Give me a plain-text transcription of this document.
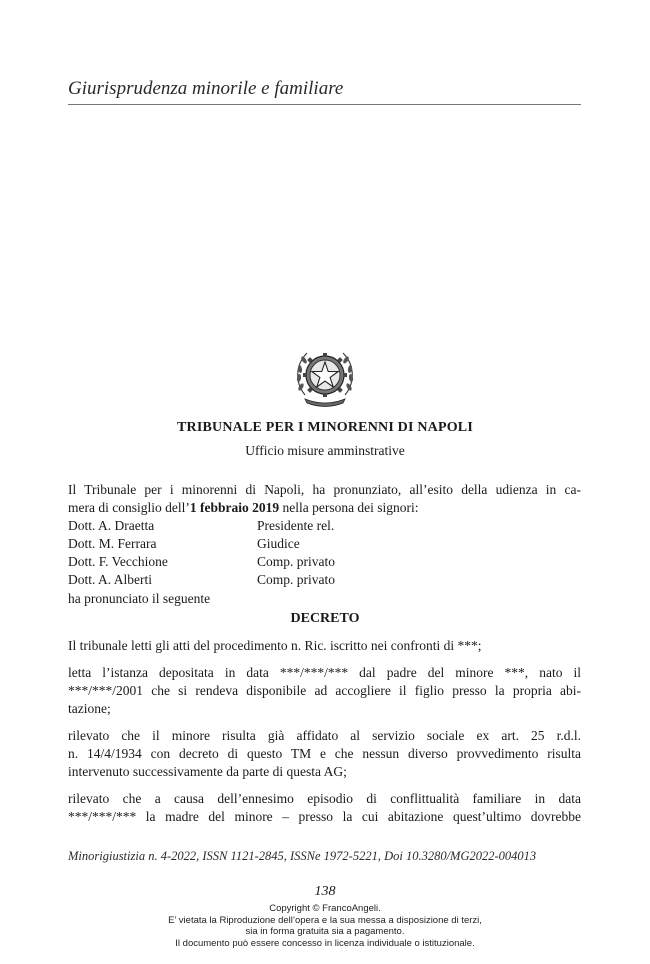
Giurisprudenza minorile e familiare
TRIBUNALE PER I MINORENNI DI NAPOLI
Ufficio misure amminstrative
Il Tribunale per i minorenni di Napoli, ha pronunziato, all’esito della udienza in ca-
mera di consiglio dell’1 febbraio 2019 nella persona dei signori:
Dott. A. Draetta	Presidente rel.
Dott. M. Ferrara	Giudice
Dott. F. Vecchione	Comp. privato
Dott. A. Alberti	Comp. privato
ha pronunciato il seguente
DECRETO
Il tribunale letti gli atti del procedimento n. Ric. iscritto nei confronti di ***;
letta l’istanza depositata in data ***/***/*** dal padre del minore ***, nato il
***/***/2001 che si rendeva disponibile ad accogliere il figlio presso la propria abi-
tazione;
rilevato che il minore risulta già affidato al servizio sociale ex art. 25 r.d.l.
n. 14/4/1934 con decreto di questo TM e che nessun diverso provvedimento risulta
intervenuto successivamente da parte di questa AG;
rilevato che a causa dell’ennesimo episodio di conflittualità familiare in data
***/***/*** la madre del minore – presso la cui abitazione quest’ultimo dovrebbe
Minorigiustizia n. 4-2022, ISSN 1121-2845, ISSNe 1972-5221, Doi 10.3280/MG2022-004013
138
Copyright © FrancoAngeli.
E’ vietata la Riproduzione dell’opera e la sua messa a disposizione di terzi,
sia in forma gratuita sia a pagamento.
Il documento può essere concesso in licenza individuale o istituzionale.
